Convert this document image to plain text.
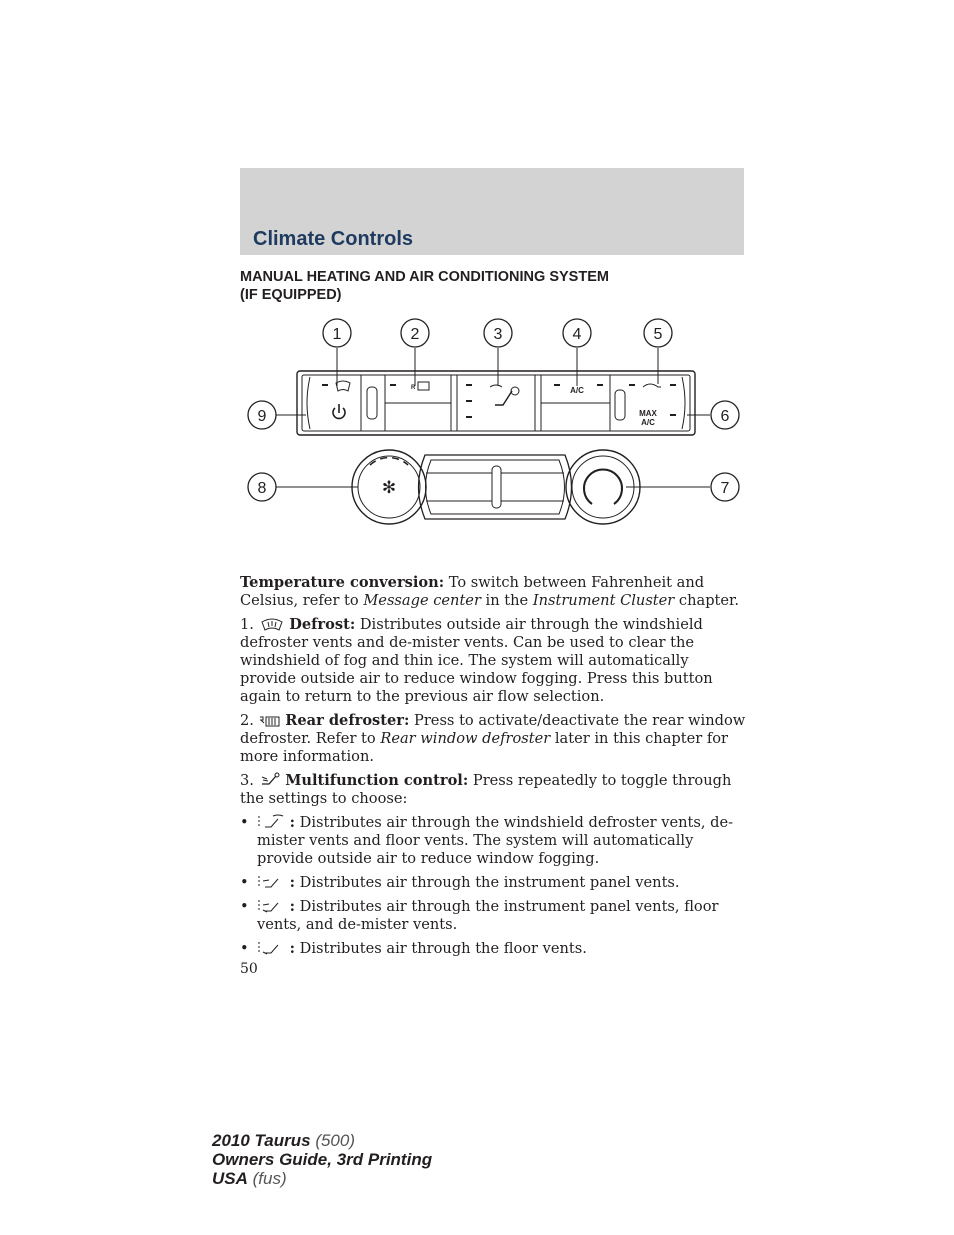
Climate Controls
MANUAL HEATING AND AIR CONDITIONING SYSTEM
(IF EQUIPPED)
✻
A/C
MAX
A/C
R
1	2	3	4	5
6
7
8
9

Temperature conversion: To switch between Fahrenheit and Celsius, refer to Message center in the Instrument Cluster chapter.

1. Defrost: Distributes outside air through the windshield defroster vents and de-mister vents. Can be used to clear the windshield of fog and thin ice. The system will automatically provide outside air to reduce window fogging. Press this button again to return to the previous air flow selection.

2. Rear defroster: Press to activate/deactivate the rear window defroster. Refer to Rear window defroster later in this chapter for more information.

3. Multifunction control: Press repeatedly to toggle through the settings to choose:

•	: Distributes air through the windshield defroster vents, de-mister vents and floor vents. The system will automatically provide outside air to reduce window fogging.
•	: Distributes air through the instrument panel vents.
•	: Distributes air through the instrument panel vents, floor vents, and de-mister vents.
•	: Distributes air through the floor vents.
50
2010 Taurus (500)
Owners Guide, 3rd Printing
USA (fus)
